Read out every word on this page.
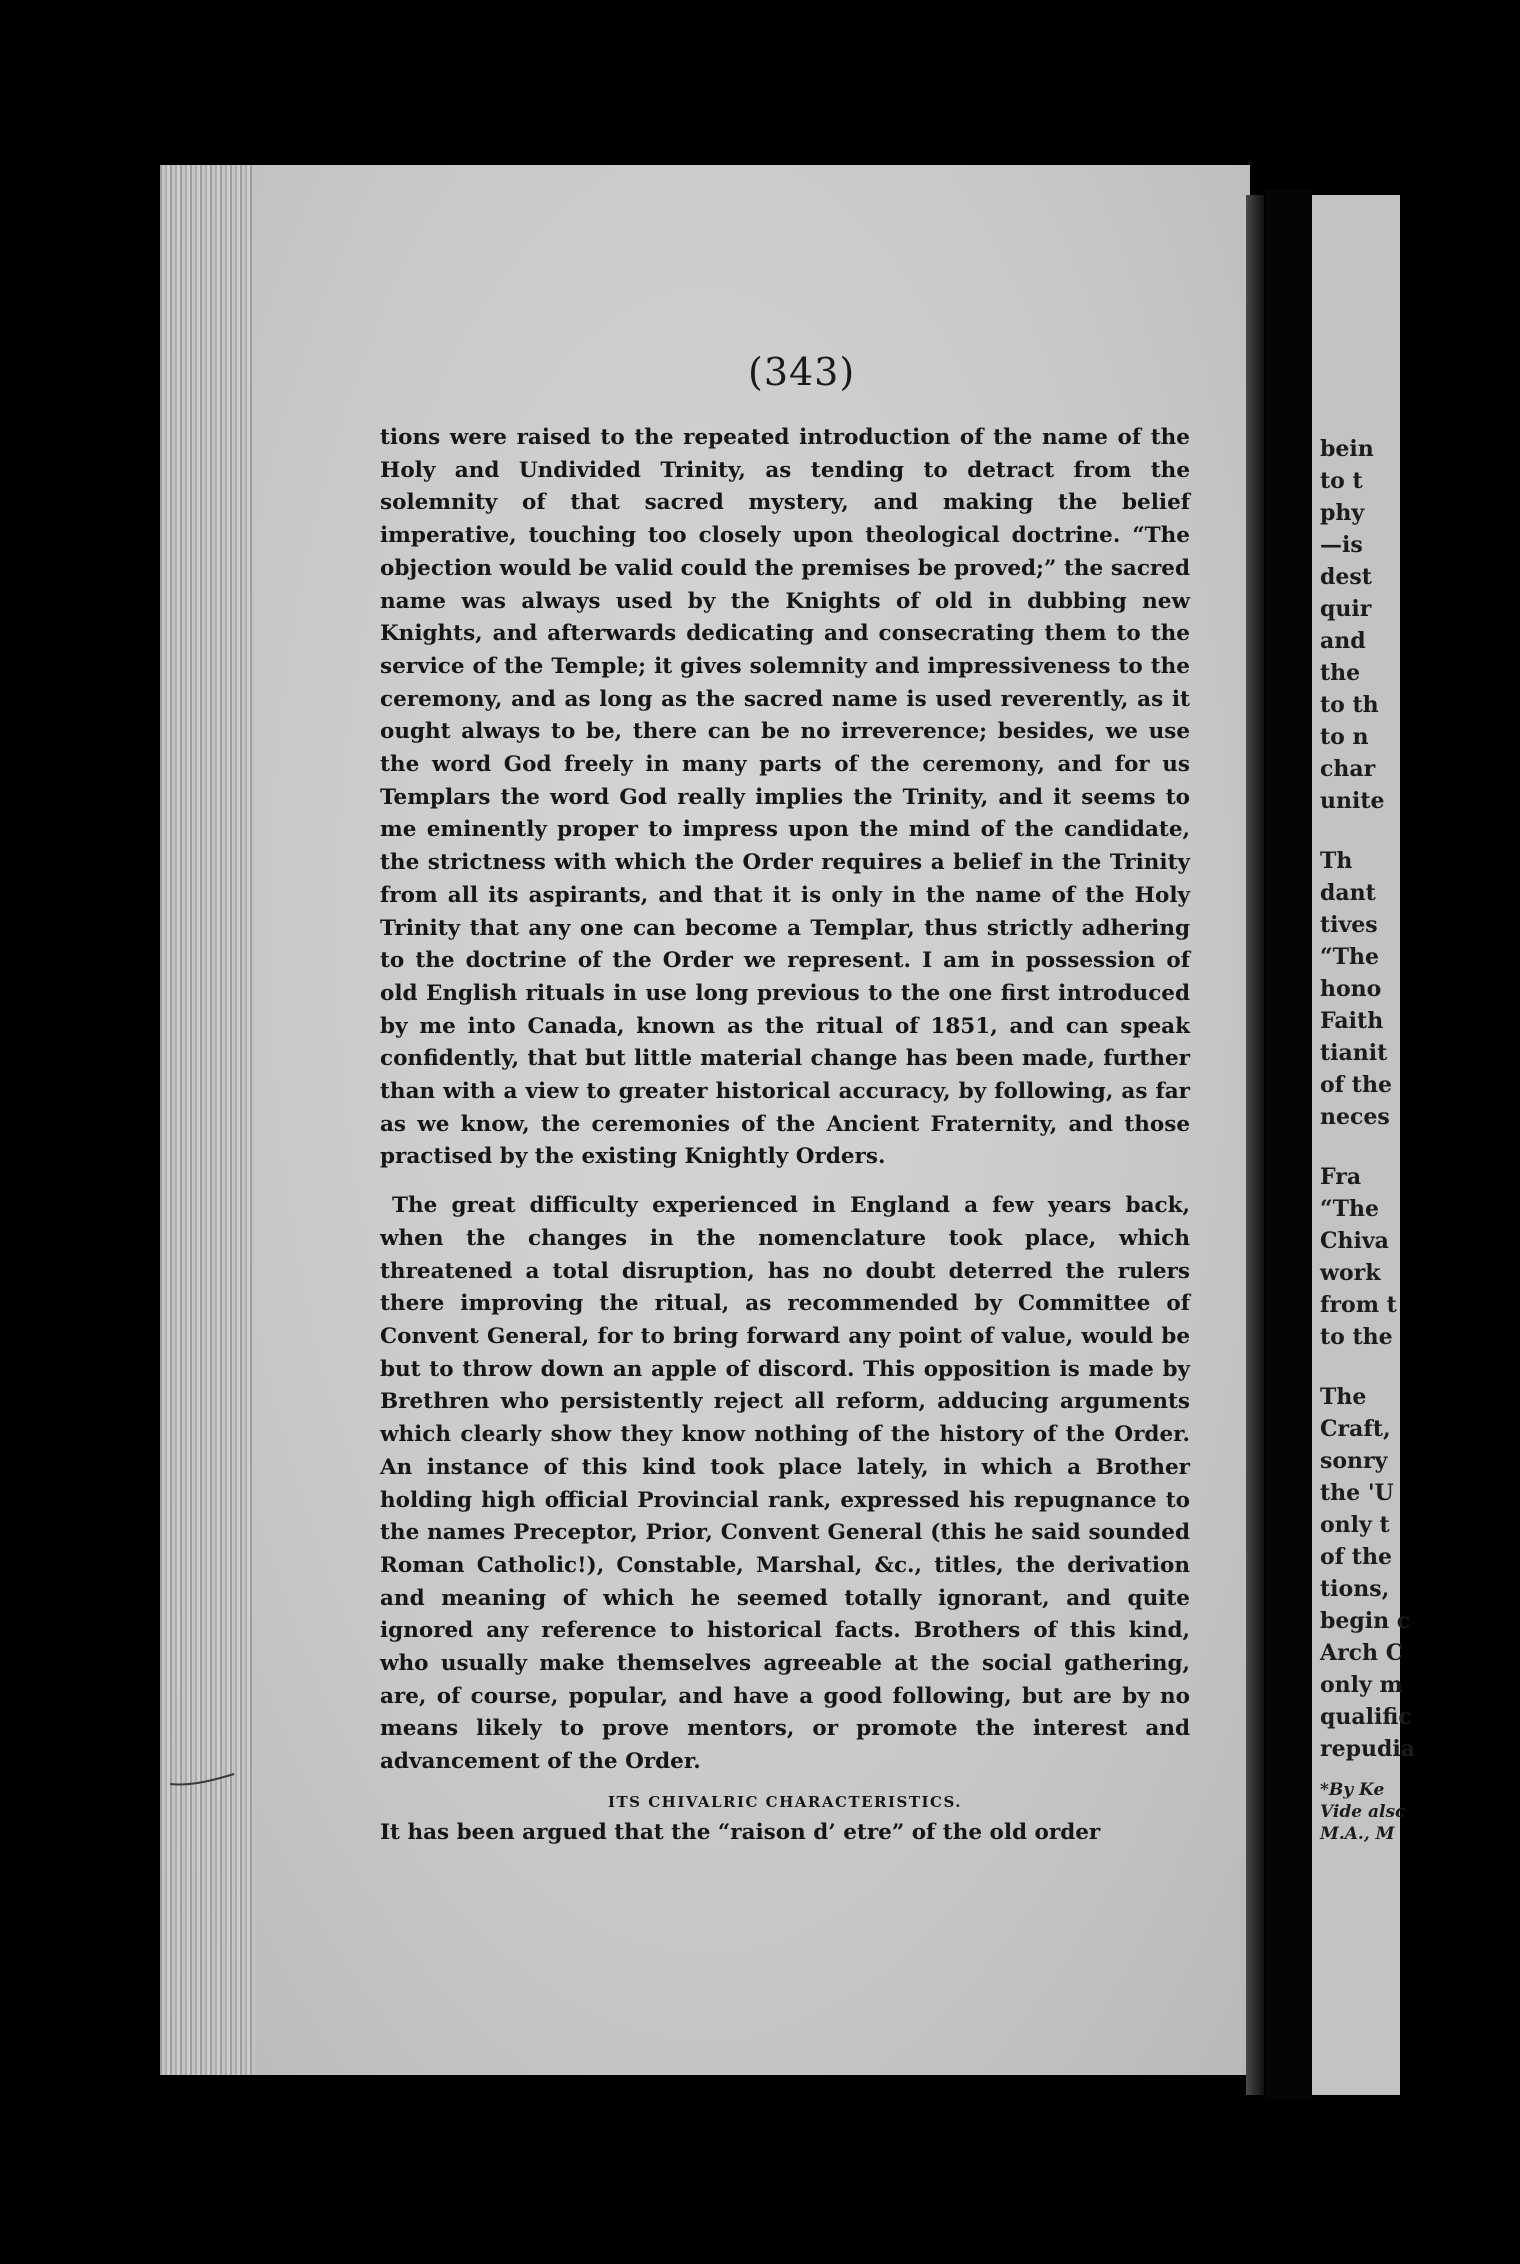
bein
to t
phy
—is
dest
quir
and
the
to th
to n
char
unite
Th
dant
tives
“The
hono
Faith
tianit
of the
neces
Fra
“The
Chiva
work
from t
to the
The
Craft,
sonry
the 'U
only t
of the
tions,
begin c
Arch C
only m
qualific
repudia
*By Ke
Vide alsc
M.A., M
(343)

tions were raised to the repeated introduction of the name of the Holy and Undivided Trinity, as tending to detract from the solemnity of that sacred mystery, and making the belief imperative, touching too closely upon theological doctrine. “The objection would be valid could the premises be proved;” the sacred name was always used by the Knights of old in dubbing new Knights, and afterwards dedicating and consecrating them to the service of the Temple; it gives solemnity and impressiveness to the ceremony, and as long as the sacred name is used reverently, as it ought always to be, there can be no irreverence; besides, we use the word God freely in many parts of the ceremony, and for us Templars the word God really implies the Trinity, and it seems to me eminently proper to impress upon the mind of the candidate, the strictness with which the Order requires a belief in the Trinity from all its aspirants, and that it is only in the name of the Holy Trinity that any one can become a Templar, thus strictly adhering to the doctrine of the Order we represent. I am in possession of old English rituals in use long previous to the one first introduced by me into Canada, known as the ritual of 1851, and can speak confidently, that but little material change has been made, further than with a view to greater historical accuracy, by following, as far as we know, the ceremonies of the Ancient Fraternity, and those practised by the existing Knightly Orders.

The great difficulty experienced in England a few years back, when the changes in the nomenclature took place, which threatened a total disruption, has no doubt deterred the rulers there improving the ritual, as recommended by Committee of Convent General, for to bring forward any point of value, would be but to throw down an apple of discord. This opposition is made by Brethren who persistently reject all reform, adducing arguments which clearly show they know nothing of the history of the Order. An instance of this kind took place lately, in which a Brother holding high official Provincial rank, expressed his repugnance to the names Preceptor, Prior, Convent General (this he said sounded Roman Catholic!), Constable, Marshal, &c., titles, the derivation and meaning of which he seemed totally ignorant, and quite ignored any reference to historical facts. Brothers of this kind, who usually make themselves agreeable at the social gathering, are, of course, popular, and have a good following, but are by no means likely to prove mentors, or promote the interest and advancement of the Order.

ITS CHIVALRIC CHARACTERISTICS.

It has been argued that the “raison d’ etre” of the old order
